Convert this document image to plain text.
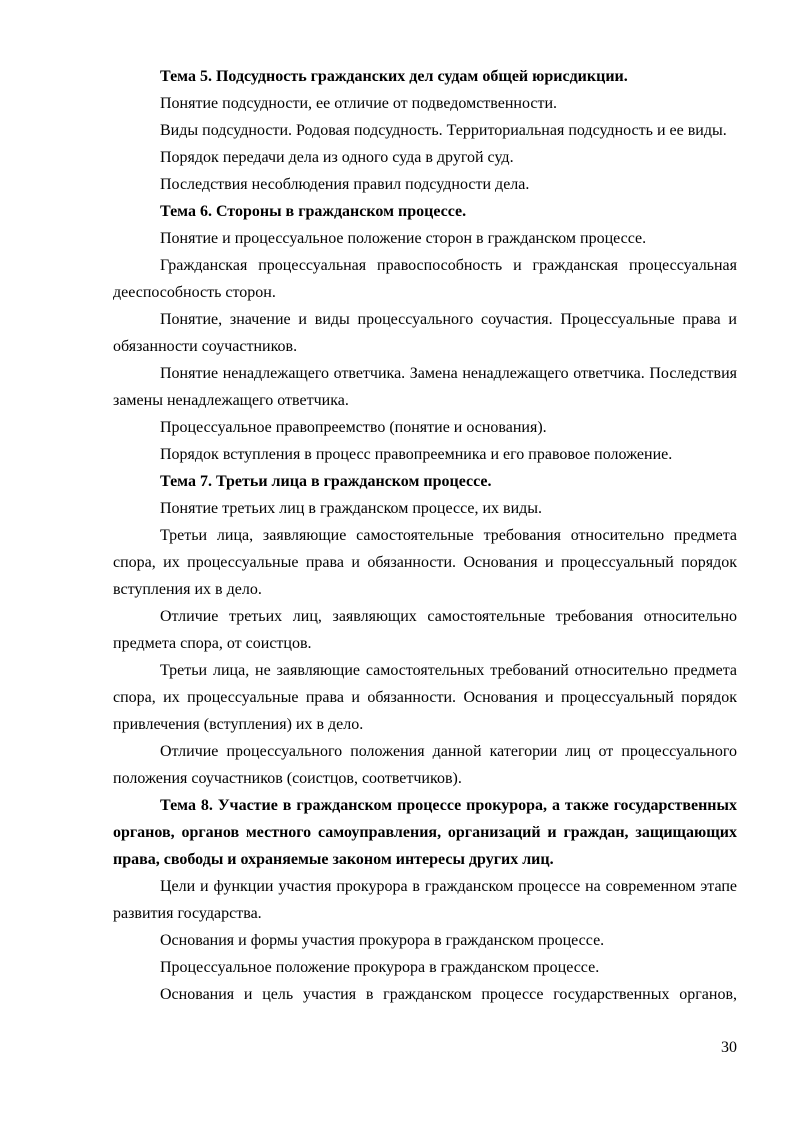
Тема 5. Подсудность гражданских дел судам общей юрисдикции.

Понятие подсудности, ее отличие от подведомственности.

Виды подсудности. Родовая подсудность. Территориальная подсудность и ее виды.

Порядок передачи дела из одного суда в другой суд.

Последствия несоблюдения правил подсудности дела.

Тема 6. Стороны в гражданском процессе.

Понятие и процессуальное положение сторон в гражданском процессе.

Гражданская процессуальная правоспособность и гражданская процессуальная дееспособность сторон.

Понятие, значение и виды процессуального соучастия. Процессуальные права и обязанности соучастников.

Понятие ненадлежащего ответчика. Замена ненадлежащего ответчика. Последствия замены ненадлежащего ответчика.

Процессуальное правопреемство (понятие и основания).

Порядок вступления в процесс правопреемника и его правовое положение.

Тема 7. Третьи лица в гражданском процессе.

Понятие третьих лиц в гражданском процессе, их виды.

Третьи лица, заявляющие самостоятельные требования относительно предмета спора, их процессуальные права и обязанности. Основания и процессуальный порядок вступления их в дело.

Отличие третьих лиц, заявляющих самостоятельные требования относительно предмета спора, от соистцов.

Третьи лица, не заявляющие самостоятельных требований относительно предмета спора, их процессуальные права и обязанности. Основания и процессуальный порядок привлечения (вступления) их в дело.

Отличие процессуального положения данной категории лиц от процессуального положения соучастников (соистцов, соответчиков).

Тема 8. Участие в гражданском процессе прокурора, а также государственных органов, органов местного самоуправления, организаций и граждан, защищающих права, свободы и охраняемые законом интересы других лиц.

Цели и функции участия прокурора в гражданском процессе на современном этапе развития государства.

Основания и формы участия прокурора в гражданском процессе.

Процессуальное положение прокурора в гражданском процессе.

Основания и цель участия в гражданском процессе государственных органов,

30
